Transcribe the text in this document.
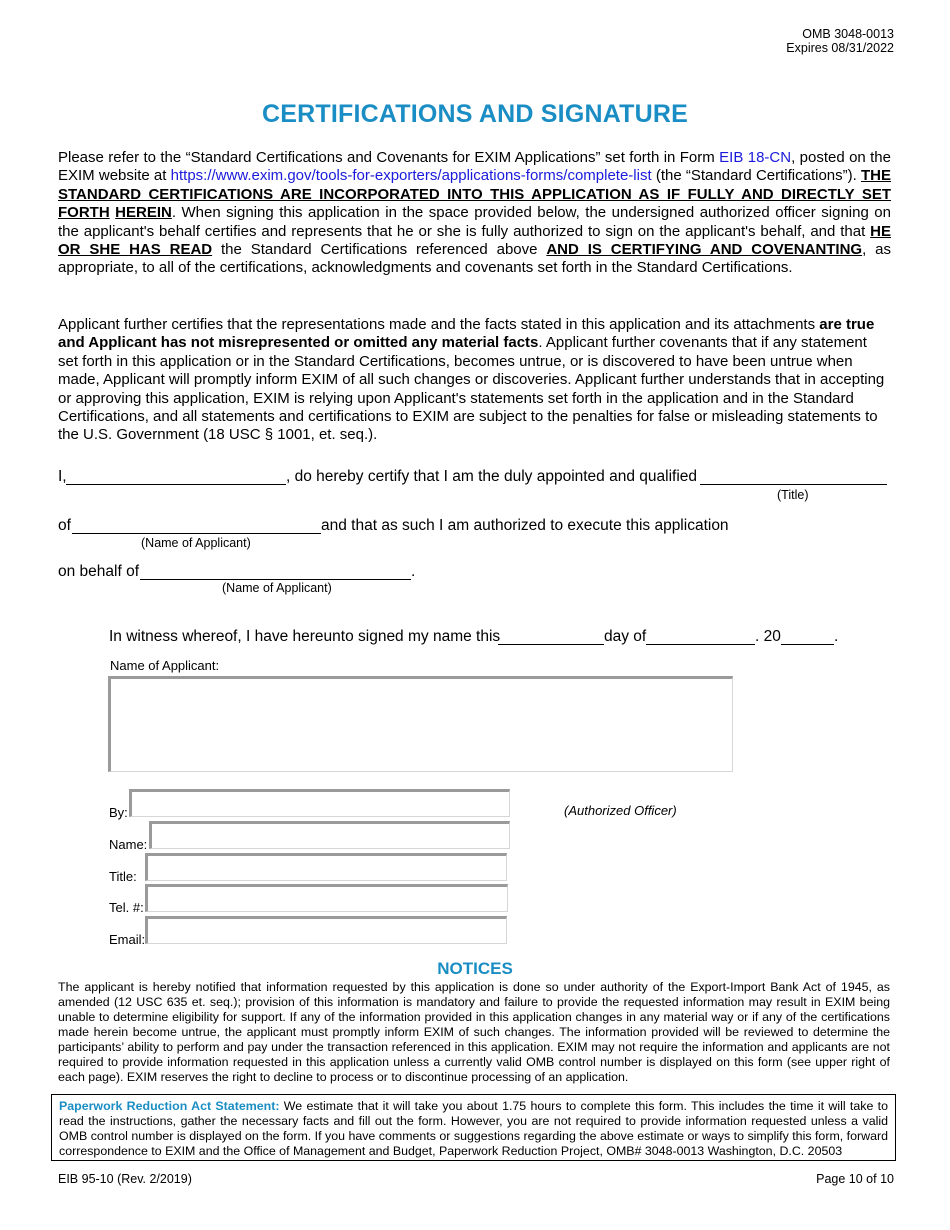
OMB 3048-0013
Expires 08/31/2022
CERTIFICATIONS AND SIGNATURE
Please refer to the “Standard Certifications and Covenants for EXIM Applications” set forth in Form EIB 18-CN, posted on the EXIM website at https://www.exim.gov/tools-for-exporters/applications-forms/complete-list (the “Standard Certifications”). THE STANDARD CERTIFICATIONS ARE INCORPORATED INTO THIS APPLICATION AS IF FULLY AND DIRECTLY SET FORTH HEREIN. When signing this application in the space provided below, the undersigned authorized officer signing on the applicant's behalf certifies and represents that he or she is fully authorized to sign on the applicant's behalf, and that HE OR SHE HAS READ the Standard Certifications referenced above AND IS CERTIFYING AND COVENANTING, as appropriate, to all of the certifications, acknowledgments and covenants set forth in the Standard Certifications.
Applicant further certifies that the representations made and the facts stated in this application and its attachments are true and Applicant has not misrepresented or omitted any material facts. Applicant further covenants that if any statement set forth in this application or in the Standard Certifications, becomes untrue, or is discovered to have been untrue when made, Applicant will promptly inform EXIM of all such changes or discoveries. Applicant further understands that in accepting or approving this application, EXIM is relying upon Applicant's statements set forth in the application and in the Standard Certifications, and all statements and certifications to EXIM are subject to the penalties for false or misleading statements to the U.S. Government (18 USC § 1001, et. seq.).
I,	, do hereby certify that I am the duly appointed and qualified
(Title)
of	and that as such I am authorized to execute this application
(Name of Applicant)
on behalf of	.
(Name of Applicant)
In witness whereof, I have hereunto signed my name this	day of	. 20	.
Name of Applicant:
By:	(Authorized Officer)
Name:
Title:
Tel. #:
Email:
NOTICES
The applicant is hereby notified that information requested by this application is done so under authority of the Export-Import Bank Act of 1945, as amended (12 USC 635 et. seq.); provision of this information is mandatory and failure to provide the requested information may result in EXIM being unable to determine eligibility for support. If any of the information provided in this application changes in any material way or if any of the certifications made herein become untrue, the applicant must promptly inform EXIM of such changes. The information provided will be reviewed to determine the participants’ ability to perform and pay under the transaction referenced in this application. EXIM may not require the information and applicants are not required to provide information requested in this application unless a currently valid OMB control number is displayed on this form (see upper right of each page). EXIM reserves the right to decline to process or to discontinue processing of an application.
Paperwork Reduction Act Statement: We estimate that it will take you about 1.75 hours to complete this form. This includes the time it will take to read the instructions, gather the necessary facts and fill out the form. However, you are not required to provide information requested unless a valid OMB control number is displayed on the form. If you have comments or suggestions regarding the above estimate or ways to simplify this form, forward correspondence to EXIM and the Office of Management and Budget, Paperwork Reduction Project, OMB# 3048-0013 Washington, D.C. 20503
EIB 95-10 (Rev. 2/2019)	Page 10 of 10
